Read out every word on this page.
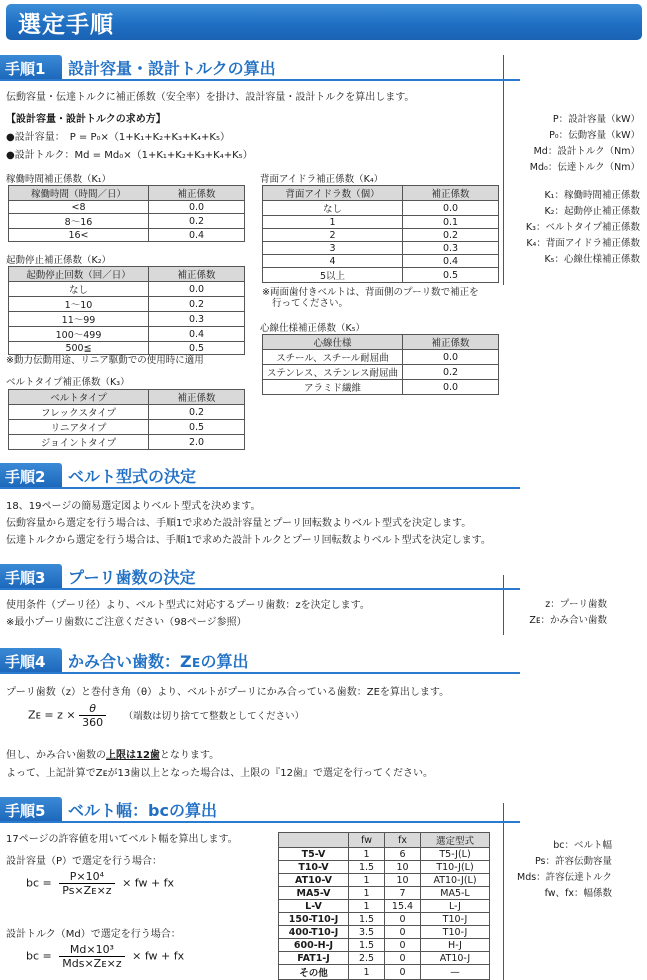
選定手順
手順1	設計容量・設計トルクの算出
伝動容量・伝達トルクに補正係数（安全率）を掛け、設計容量・設計トルクを算出します。
【設計容量・設計トルクの求め方】
●設計容量：　P = P₀×（1+K₁+K₂+K₃+K₄+K₅）
●設計トルク：Md = Md₀×（1+K₁+K₂+K₃+K₄+K₅）
P：設計容量（kW）
P₀：伝動容量（kW）
Md：設計トルク（Nm）
Md₀：伝達トルク（Nm）
K₁：稼働時間補正係数
K₂：起動停止補正係数
K₃：ベルトタイプ補正係数
K₄：背面アイドラ補正係数
K₅：心線仕様補正係数
稼働時間補正係数（K₁）
稼働時間（時間／日）	補正係数
<8	0.0
8〜16	0.2
16<	0.4
起動停止補正係数（K₂）
起動停止回数（回／日）	補正係数
なし	0.0
1〜10	0.2
11〜99	0.3
100〜499	0.4
500≦	0.5
※動力伝動用途、リニア駆動での使用時に適用
ベルトタイプ補正係数（K₃）
ベルトタイプ	補正係数
フレックスタイプ	0.2
リニアタイプ	0.5
ジョイントタイプ	2.0
背面アイドラ補正係数（K₄）
背面アイドラ数（個）	補正係数
なし	0.0
1	0.1
2	0.2
3	0.3
4	0.4
5以上	0.5
※両面歯付きベルトは、背面側のプーリ数で補正を
行ってください。
心線仕様補正係数（K₅）
心線仕様	補正係数
スチール、スチール耐屈曲	0.0
ステンレス、ステンレス耐屈曲	0.2
アラミド繊維	0.0
手順2	ベルト型式の決定
18、19ページの簡易選定図よりベルト型式を決めます。
伝動容量から選定を行う場合は、手順1で求めた設計容量とプーリ回転数よりベルト型式を決定します。
伝達トルクから選定を行う場合は、手順1で求めた設計トルクとプーリ回転数よりベルト型式を決定します。
手順3	プーリ歯数の決定
使用条件（プーリ径）より、ベルト型式に対応するプーリ歯数：zを決定します。
※最小プーリ歯数にご注意ください（98ページ参照）
z：プーリ歯数
Zᴇ：かみ合い歯数
手順4	かみ合い歯数：Zᴇの算出
プーリ歯数（z）と巻付き角（θ）より、ベルトがプーリにかみ合っている歯数：ZEを算出します。
Zᴇ = $z \times \frac{\theta}{360}$ （端数は切り捨てて整数としてください）
但し、かみ合い歯数の上限は12歯となります。
よって、上記計算でZᴇが13歯以上となった場合は、上限の『12歯』で選定を行ってください。
手順5	ベルト幅：bcの算出
17ページの許容値を用いてベルト幅を算出します。
設計容量（P）で選定を行う場合：
bc = $\frac{\text{P×10⁴}}{\text{Ps×Zᴇ×z}}$ × fw + fx
設計トルク（Md）で選定を行う場合：
bc = $\frac{\text{Md×10³}}{\text{Mds×Zᴇ×z}}$ × fw + fx
	fw	fx	選定型式
T5-V	1	6	T5-J(L)
T10-V	1.5	10	T10-J(L)
AT10-V	1	10	AT10-J(L)
MA5-V	1	7	MA5-L
L-V	1	15.4	L-J
150-T10-J	1.5	0	T10-J
400-T10-J	3.5	0	T10-J
600-H-J	1.5	0	H-J
FAT1-J	2.5	0	AT10-J
その他	1	0	—
bc：ベルト幅
Ps：許容伝動容量
Mds：許容伝達トルク
fw、fx：幅係数
